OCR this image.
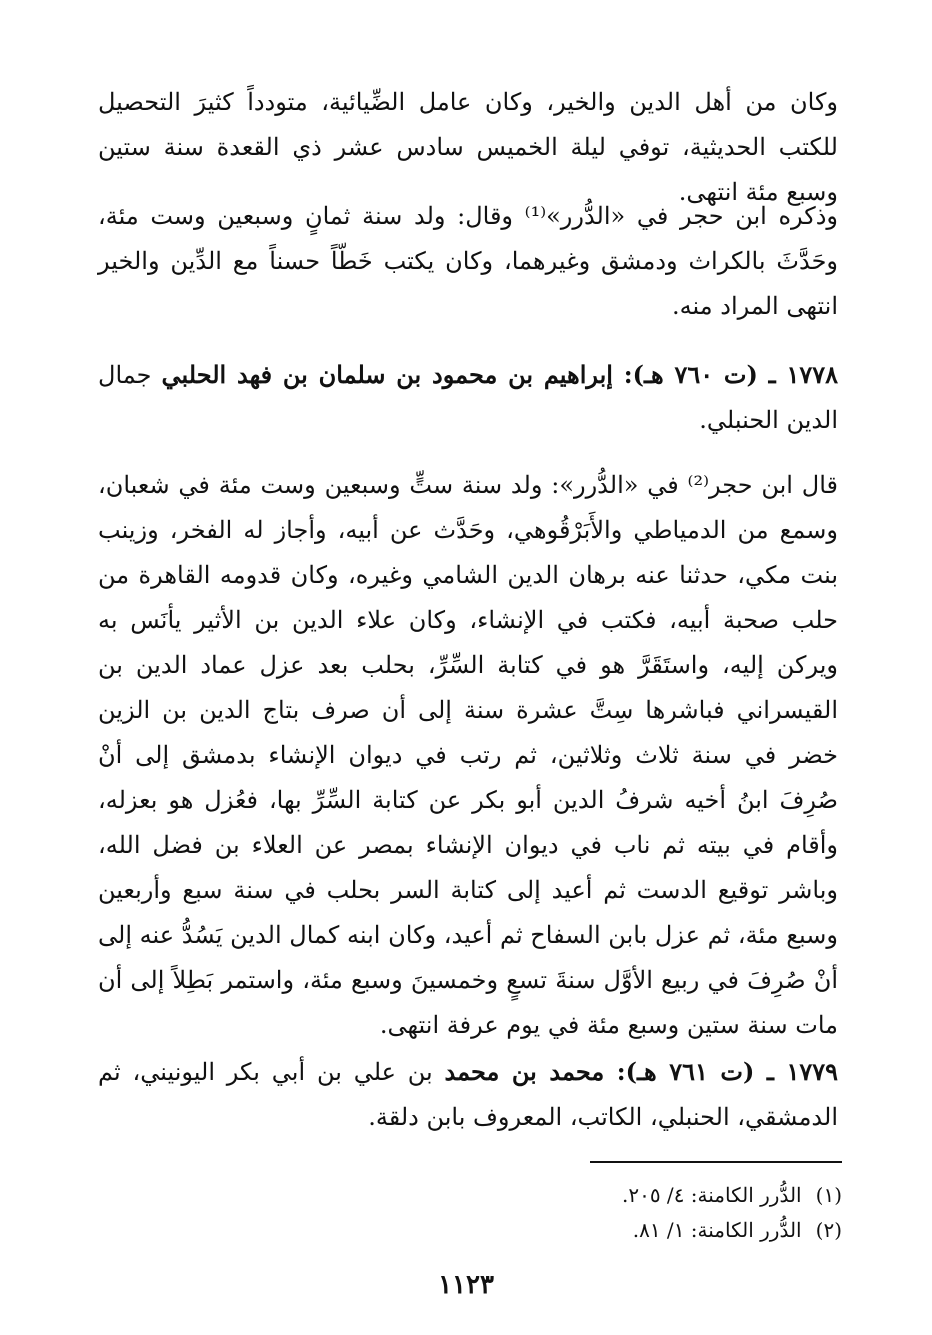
وكان من أهل الدين والخير، وكان عامل الضِّيائية، متودداً كثيرَ التحصيل للكتب الحديثية، توفي ليلة الخميس سادس عشر ذي القعدة سنة ستين وسبع مئة انتهى.
وذكره ابن حجر في «الدُّرر»⁽¹⁾ وقال: ولد سنة ثمانٍ وسبعين وست مئة، وحَدَّثَ بالكراث ودمشق وغيرهما، وكان يكتب خَطّاً حسناً مع الدِّين والخير انتهى المراد منه.
١٧٧٨ ـ (ت ٧٦٠ هـ): إبراهيم بن محمود بن سلمان بن فهد الحلبي جمال الدين الحنبلي.
قال ابن حجر⁽²⁾ في «الدُّرر»: ولد سنة ستٍّ وسبعين وست مئة في شعبان، وسمع من الدمياطي والأَبَرْقُوهي، وحَدَّث عن أبيه، وأجاز له الفخر، وزينب بنت مكي، حدثنا عنه برهان الدين الشامي وغيره، وكان قدومه القاهرة من حلب صحبة أبيه، فكتب في الإنشاء، وكان علاء الدين بن الأثير يأنَس به ويركن إليه، واستَقَرَّ هو في كتابة السِّرِّ، بحلب بعد عزل عماد الدين بن القيسراني فباشرها سِتَّ عشرة سنة إلى أن صرف بتاج الدين بن الزين خضر في سنة ثلاث وثلاثين، ثم رتب في ديوان الإنشاء بدمشق إلى أنْ صُرِفَ ابنُ أخيه شرفُ الدين أبو بكر عن كتابة السِّرِّ بها، فعُزل هو بعزله، وأقام في بيته ثم ناب في ديوان الإنشاء بمصر عن العلاء بن فضل الله، وباشر توقيع الدست ثم أعيد إلى كتابة السر بحلب في سنة سبع وأربعين وسبع مئة، ثم عزل بابن السفاح ثم أعيد، وكان ابنه كمال الدين يَسُدُّ عنه إلى أنْ صُرِفَ في ربيع الأوَّل سنةَ تسعٍ وخمسينَ وسبع مئة، واستمر بَطِلاً إلى أن مات سنة ستين وسبع مئة في يوم عرفة انتهى.
١٧٧٩ ـ (ت ٧٦١ هـ): محمد بن محمد بن علي بن أبي بكر اليونيني، ثم الدمشقي، الحنبلي، الكاتب، المعروف بابن دلقة.
(١)الدُّرر الكامنة: ٤/ ٢٠٥.
(٢)الدُّرر الكامنة: ١/ ٨١.
١١٢٣
